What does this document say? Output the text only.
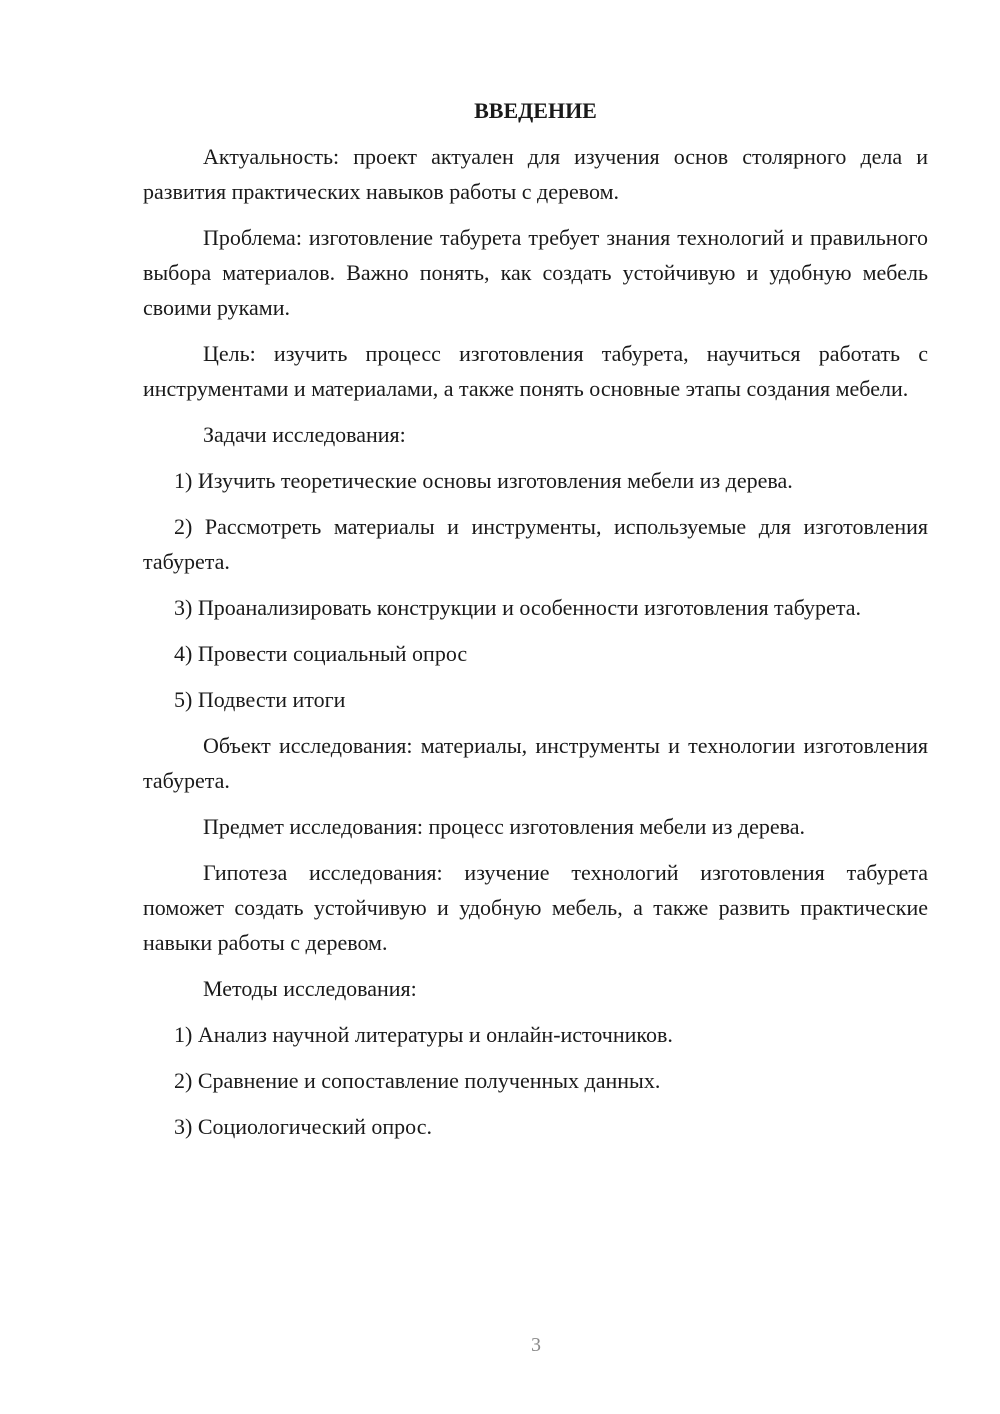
ВВЕДЕНИЕ

Актуальность: проект актуален для изучения основ столярного дела и развития практических навыков работы с деревом.

Проблема: изготовление табурета требует знания технологий и правильного выбора материалов. Важно понять, как создать устойчивую и удобную мебель своими руками.

Цель: изучить процесс изготовления табурета, научиться работать с инструментами и материалами, а также понять основные этапы создания мебели.

Задачи исследования:

1) Изучить теоретические основы изготовления мебели из дерева.

2) Рассмотреть материалы и инструменты, используемые для изготовления табурета.

3) Проанализировать конструкции и особенности изготовления табурета.

4) Провести социальный опрос

5) Подвести итоги

Объект исследования: материалы, инструменты и технологии изготовления табурета.

Предмет исследования: процесс изготовления мебели из дерева.

Гипотеза исследования: изучение технологий изготовления табурета поможет создать устойчивую и удобную мебель, а также развить практические навыки работы с деревом.

Методы исследования:

1) Анализ научной литературы и онлайн-источников.

2) Сравнение и сопоставление полученных данных.

3) Социологический опрос.

3
